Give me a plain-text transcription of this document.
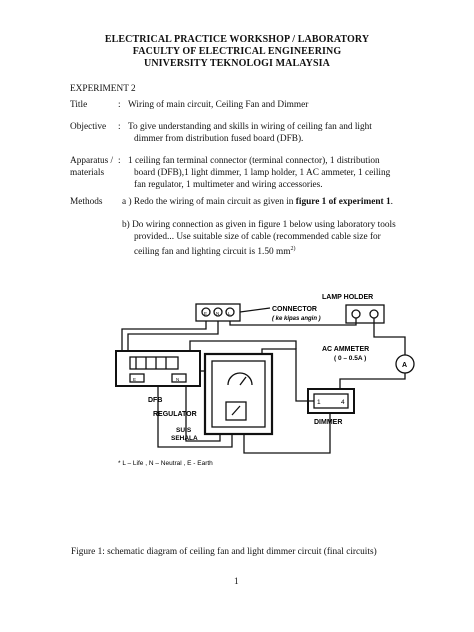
ELECTRICAL PRACTICE WORKSHOP / LABORATORY
FACULTY OF ELECTRICAL ENGINEERING
UNIVERSITY TEKNOLOGI MALAYSIA
EXPERIMENT 2
Title	: Wiring of main circuit, Ceiling Fan and Dimmer
Objective : To give understanding and skills in wiring of ceiling fan and light
dimmer from distribution fused board (DFB).
Apparatus /
materials
: 1 ceiling fan terminal connector (terminal connector), 1 distribution
board (DFB),1 light dimmer, 1 lamp holder, 1 AC ammeter, 1 ceiling
fan regulator, 1 multimeter and wiring accessories.
Methods a ) Redo the wiring of main circuit as given in figure 1 of experiment 1.
b) Do wiring connection as given in figure 1 below using laboratory tools
provided... Use suitable size of cable (recommended cable size for
ceiling fan and lighting circuit is 1.50 $mm^{2)}$
LAMP HOLDER
CONNECTOR
( ke kipas angin )
AC AMMETER
( 0 – 0.5A )
A
E N L
E	N
DFB
REGULATOR
SUIS
SEHALA
1	4
DIMMER
* L – Life , N – Neutral , E - Earth
Figure 1: schematic diagram of ceiling fan and light dimmer circuit (final circuits)
1
